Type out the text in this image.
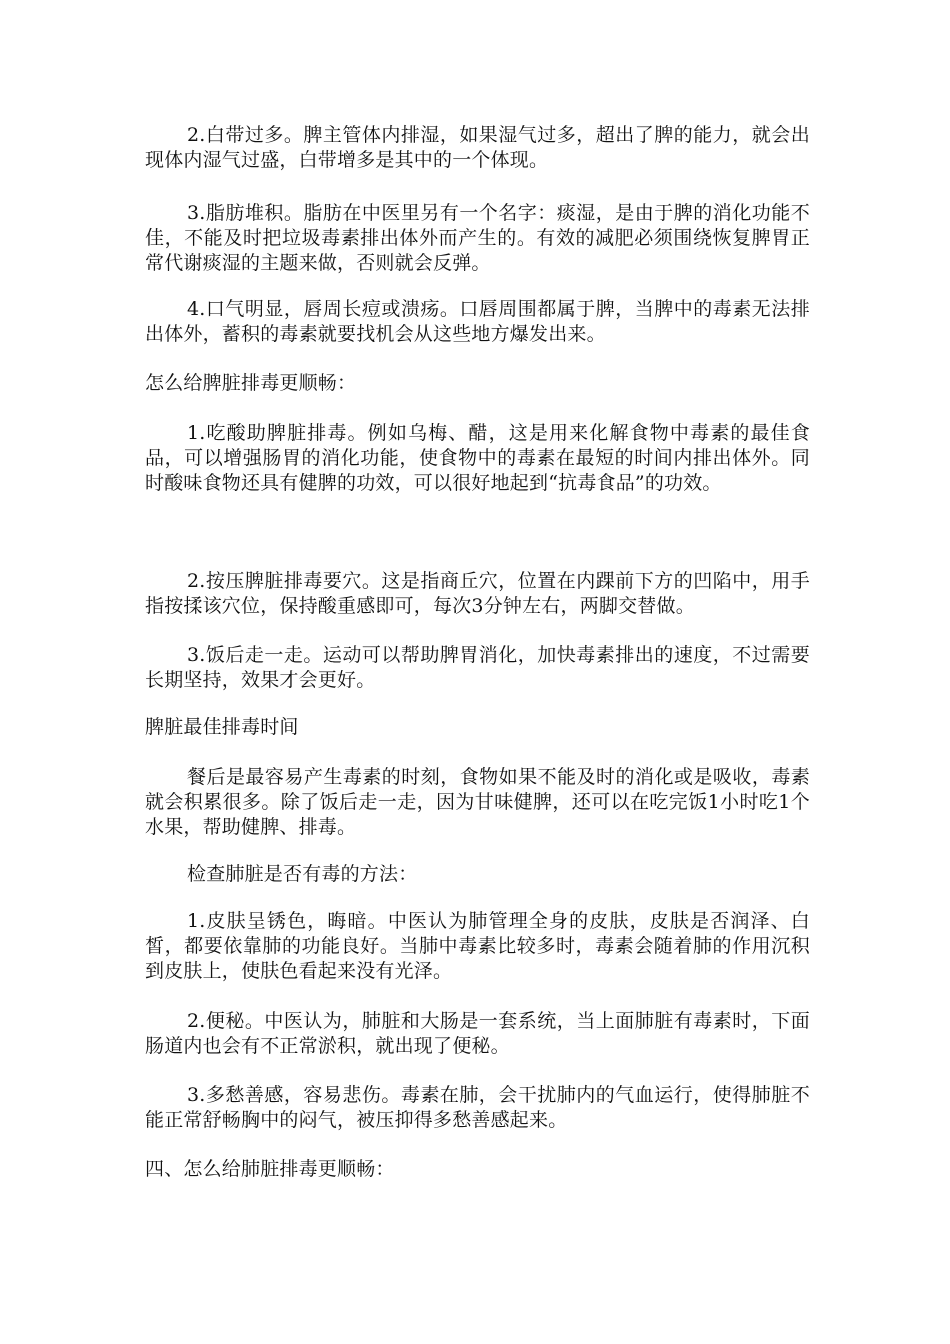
2.白带过多。脾主管体内排湿，如果湿气过多，超出了脾的能力，就会出现体内湿气过盛，白带增多是其中的一个体现。

3.脂肪堆积。脂肪在中医里另有一个名字：痰湿，是由于脾的消化功能不佳，不能及时把垃圾毒素排出体外而产生的。有效的减肥必须围绕恢复脾胃正常代谢痰湿的主题来做，否则就会反弹。

4.口气明显，唇周长痘或溃疡。口唇周围都属于脾，当脾中的毒素无法排出体外，蓄积的毒素就要找机会从这些地方爆发出来。

怎么给脾脏排毒更顺畅：

1.吃酸助脾脏排毒。例如乌梅、醋，这是用来化解食物中毒素的最佳食品，可以增强肠胃的消化功能，使食物中的毒素在最短的时间内排出体外。同时酸味食物还具有健脾的功效，可以很好地起到“抗毒食品”的功效。

2.按压脾脏排毒要穴。这是指商丘穴，位置在内踝前下方的凹陷中，用手指按揉该穴位，保持酸重感即可，每次3分钟左右，两脚交替做。

3.饭后走一走。运动可以帮助脾胃消化，加快毒素排出的速度，不过需要长期坚持，效果才会更好。

脾脏最佳排毒时间

餐后是最容易产生毒素的时刻，食物如果不能及时的消化或是吸收，毒素就会积累很多。除了饭后走一走，因为甘味健脾，还可以在吃完饭1小时吃1个水果，帮助健脾、排毒。

检查肺脏是否有毒的方法：

1.皮肤呈锈色，晦暗。中医认为肺管理全身的皮肤，皮肤是否润泽、白皙，都要依靠肺的功能良好。当肺中毒素比较多时，毒素会随着肺的作用沉积到皮肤上，使肤色看起来没有光泽。

2.便秘。中医认为，肺脏和大肠是一套系统，当上面肺脏有毒素时，下面肠道内也会有不正常淤积，就出现了便秘。

3.多愁善感，容易悲伤。毒素在肺，会干扰肺内的气血运行，使得肺脏不能正常舒畅胸中的闷气，被压抑得多愁善感起来。

四、怎么给肺脏排毒更顺畅：
